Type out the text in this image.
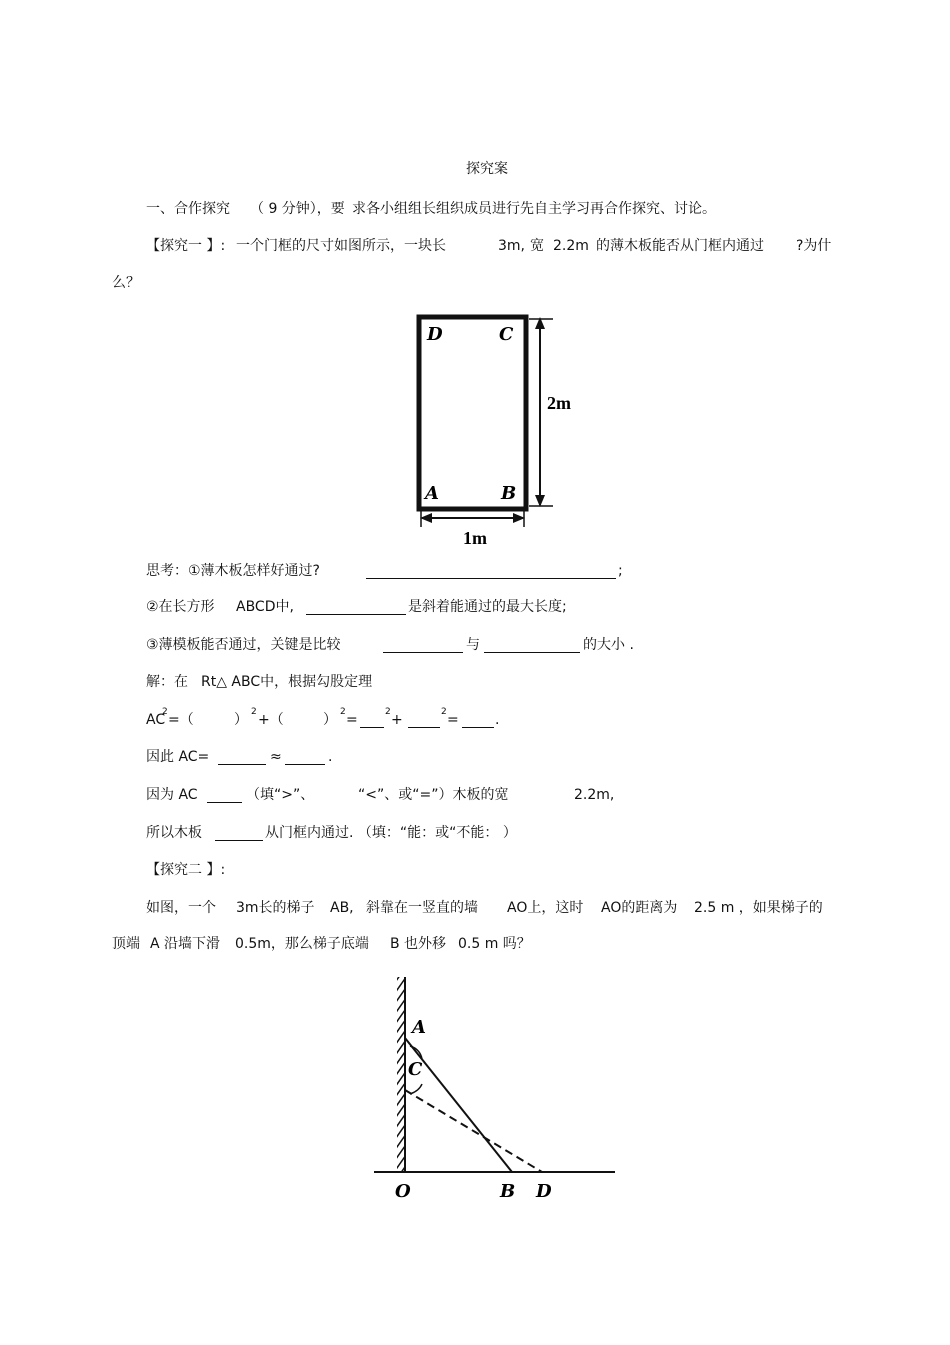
探究案
一、合作探究 （ 9 分钟），要 求各小组组长组织成员进行先自主学习再合作探究、讨论。
【探究一 】: 一个门框的尺寸如图所示，一块长	3m, 宽 2.2m 的薄木板能否从门框内通过 ?为什
么？
D	C
A	B
2m
1m
思考：①薄木板怎样好通过?	;
②在长方形 ABCD中,	是斜着能通过的最大长度;
③薄模板能否通过，关键是比较	与	的大小 .
解：在 Rt△ ABC中，根据勾股定理
AC
2 =（	） 2 +（	） 2 =	2 +	2 =	.
因此 AC=	≈	.
因为 AC	（填“>”、	“<”、或“=”）木板的宽	2.2m,
所以木板	从门框内通过. （填：“能：或“不能： ）
【探究二 】:
如图，一个 3m长的梯子 AB, 斜靠在一竖直的墙 AO上，这时 AO的距离为 2.5 m ，如果梯子的
顶端 A 沿墙下滑 0.5m，那么梯子底端 B 也外移 0.5 m 吗？
A
C
O	B D
